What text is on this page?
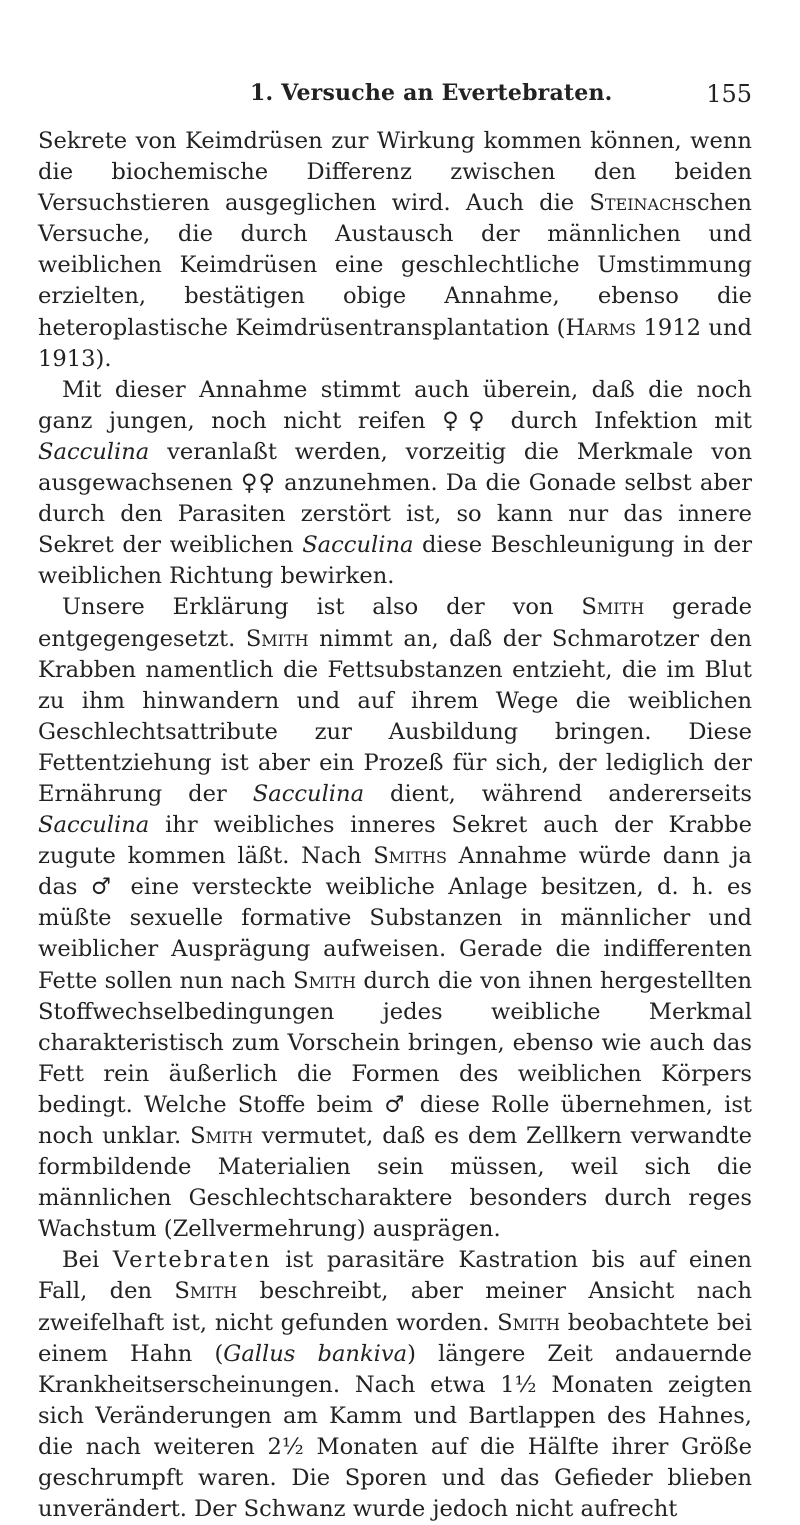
1. Versuche an Evertebraten.	155

Sekrete von Keimdrüsen zur Wirkung kommen können, wenn die biochemische Differenz zwischen den beiden Versuchstieren ausgeglichen wird. Auch die Steinachschen Versuche, die durch Austausch der männlichen und weiblichen Keimdrüsen eine geschlechtliche Umstimmung erzielten, bestätigen obige Annahme, ebenso die heteroplastische Keimdrüsentransplantation (Harms 1912 und 1913).

Mit dieser Annahme stimmt auch überein, daß die noch ganz jungen, noch nicht reifen ♀♀ durch Infektion mit Sacculina veranlaßt werden, vorzeitig die Merkmale von ausgewachsenen ♀♀ anzunehmen. Da die Gonade selbst aber durch den Parasiten zerstört ist, so kann nur das innere Sekret der weiblichen Sacculina diese Beschleunigung in der weiblichen Richtung bewirken.

Unsere Erklärung ist also der von Smith gerade entgegengesetzt. Smith nimmt an, daß der Schmarotzer den Krabben namentlich die Fettsubstanzen entzieht, die im Blut zu ihm hinwandern und auf ihrem Wege die weiblichen Geschlechtsattribute zur Ausbildung bringen. Diese Fettentziehung ist aber ein Prozeß für sich, der lediglich der Ernährung der Sacculina dient, während andererseits Sacculina ihr weibliches inneres Sekret auch der Krabbe zugute kommen läßt. Nach Smiths Annahme würde dann ja das ♂ eine versteckte weibliche Anlage besitzen, d. h. es müßte sexuelle formative Substanzen in männlicher und weiblicher Ausprägung aufweisen. Gerade die indifferenten Fette sollen nun nach Smith durch die von ihnen hergestellten Stoffwechselbedingungen jedes weibliche Merkmal charakteristisch zum Vorschein bringen, ebenso wie auch das Fett rein äußerlich die Formen des weiblichen Körpers bedingt. Welche Stoffe beim ♂ diese Rolle übernehmen, ist noch unklar. Smith vermutet, daß es dem Zellkern verwandte formbildende Materialien sein müssen, weil sich die männlichen Geschlechtscharaktere besonders durch reges Wachstum (Zellvermehrung) ausprägen.

Bei Vertebraten ist parasitäre Kastration bis auf einen Fall, den Smith beschreibt, aber meiner Ansicht nach zweifelhaft ist, nicht gefunden worden. Smith beobachtete bei einem Hahn (Gallus bankiva) längere Zeit andauernde Krankheitserscheinungen. Nach etwa 1½ Monaten zeigten sich Veränderungen am Kamm und Bartlappen des Hahnes, die nach weiteren 2½ Monaten auf die Hälfte ihrer Größe geschrumpft waren. Die Sporen und das Gefieder blieben unverändert. Der Schwanz wurde jedoch nicht aufrecht
